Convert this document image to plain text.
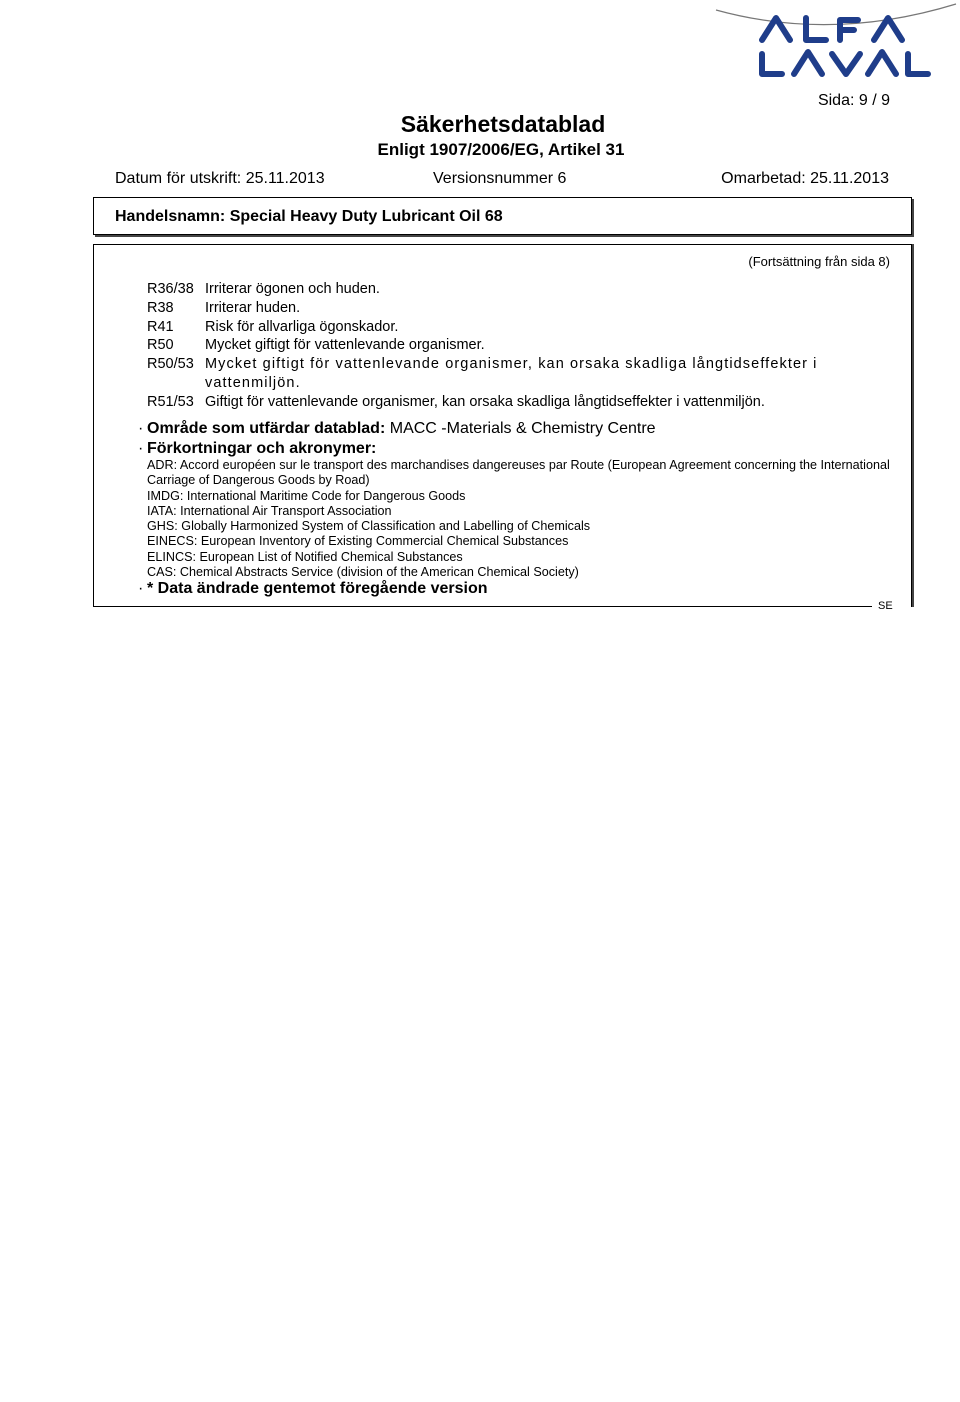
Sida: 9 / 9
Säkerhetsdatablad
Enligt 1907/2006/EG, Artikel 31
Datum för utskrift: 25.11.2013	Versionsnummer 6	Omarbetad: 25.11.2013
Handelsnamn: Special Heavy Duty Lubricant Oil 68
SE
(Fortsättning från sida 8)
R36/38 Irriterar ögonen och huden.
R38	Irriterar huden.
R41	Risk för allvarliga ögonskador.
R50	Mycket giftigt för vattenlevande organismer.
R50/53 Mycket giftigt för vattenlevande organismer, kan orsaka skadliga långtidseffekter i vattenmiljön.
R51/53 Giftigt för vattenlevande organismer, kan orsaka skadliga långtidseffekter i vattenmiljön.
· Område som utfärdar datablad: MACC -Materials & Chemistry Centre
· Förkortningar och akronymer:
ADR: Accord européen sur le transport des marchandises dangereuses par Route (European Agreement concerning the International Carriage of Dangerous Goods by Road)
IMDG: International Maritime Code for Dangerous Goods
IATA: International Air Transport Association
GHS: Globally Harmonized System of Classification and Labelling of Chemicals
EINECS: European Inventory of Existing Commercial Chemical Substances
ELINCS: European List of Notified Chemical Substances
CAS: Chemical Abstracts Service (division of the American Chemical Society)
· * Data ändrade gentemot föregående version
